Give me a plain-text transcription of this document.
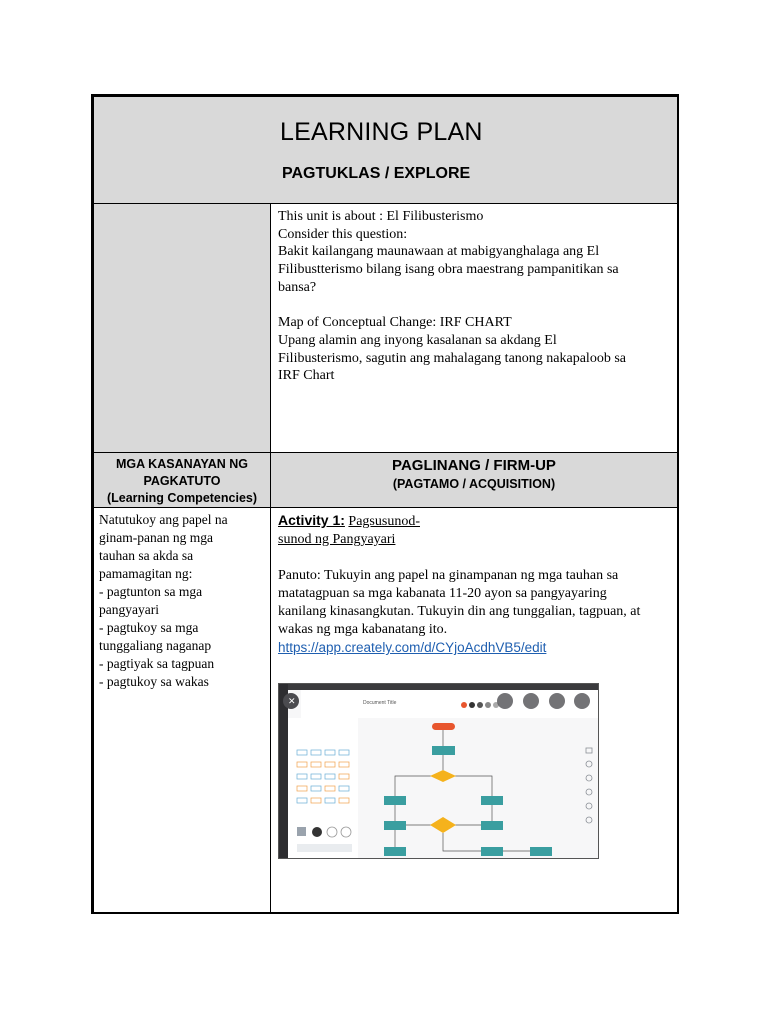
LEARNING PLAN
PAGTUKLAS / EXPLORE

This unit is about : El Filibusterismo

Consider this question:

Bakit kailangang maunawaan at mabigyanghalaga ang El

Filibustterismo bilang isang obra maestrang pampanitikan sa

bansa?

Map of Conceptual Change: IRF CHART

Upang alamin ang inyong kasalanan sa akdang El

Filibusterismo, sagutin ang mahalagang tanong nakapaloob sa

IRF Chart

MGA KASANAYAN NG
PAGKATUTO
(Learning Competencies)
PAGLINANG / FIRM-UP
(PAGTAMO / ACQUISITION)
Natutukoy ang papel na
ginam-panan ng mga
tauhan sa akda sa
pamamagitan ng:
- pagtunton sa mga
pangyayari
- pagtukoy sa mga
tunggaliang naganap
- pagtiyak sa tagpuan
- pagtukoy sa wakas
Activity 1: Pagsusunod-
sunod ng Pangyayari
Panuto: Tukuyin ang papel na ginampanan ng mga tauhan sa
matatagpuan sa mga kabanata 11-20 ayon sa pangyayaring
kanilang kinasangkutan. Tukuyin din ang tunggalian, tagpuan, at
wakas ng mga kabanatang ito.
https://app.creately.com/d/CYjoAcdhVB5/edit
Document Title
✕
